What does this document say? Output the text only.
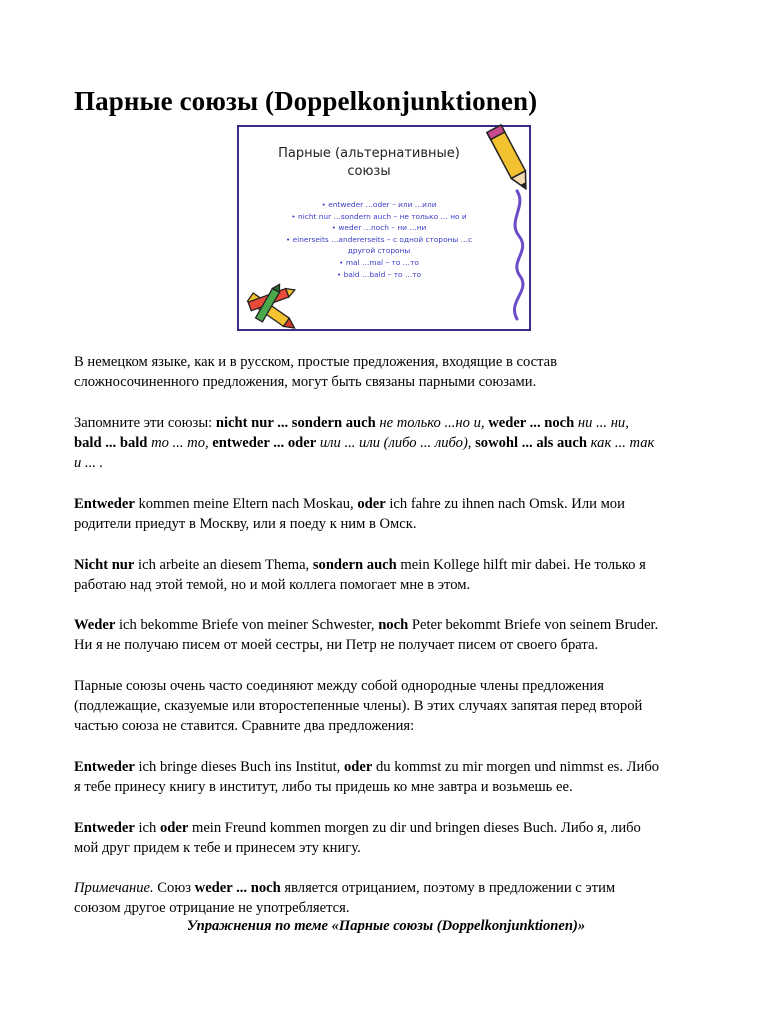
Парные союзы (Doppelkonjunktionen)
Парные (альтернативные)
союзы
• entweder …oder – или …или
• nicht nur …sondern auch – не только … но и
• weder …noch – ни …ни
• einerseits …andererseits – с одной стороны …с
другой стороны
• mal …mal – то …то
• bald …bald – то …то

В немецком языке, как и в русском, простые предложения, входящие в состав

сложносочиненного предложения, могут быть связаны парными союзами.

Запомните эти союзы: nicht nur ... sondern auch не только ...но и, weder ... noch ни ... ни,

bald ... bald то ... то, entweder ... oder или ... или (либо ... либо), sowohl ... als auch как ... так

и ... .

Entweder kommen meine Eltern nach Moskau, oder ich fahre zu ihnen nach Omsk. Или мои

родители приедут в Москву, или я поеду к ним в Омск.

Nicht nur ich arbeite an diesem Thema, sondern auch mein Kollege hilft mir dabei. Не только я

работаю над этой темой, но и мой коллега помогает мне в этом.

Weder ich bekomme Briefe von meiner Schwester, noch Peter bekommt Briefe von seinem Bruder.

Ни я не получаю писем от моей сестры, ни Петр не получает писем от своего брата.

Парные союзы очень часто соединяют между собой однородные члены предложения

(подлежащие, сказуемые или второстепенные члены). В этих случаях запятая перед второй

частью союза не ставится. Сравните два предложения:

Entweder ich bringe dieses Buch ins Institut, oder du kommst zu mir morgen und nimmst es. Либо

я тебе принесу книгу в институт, либо ты придешь ко мне завтра и возьмешь ее.

Entweder ich oder mein Freund kommen morgen zu dir und bringen dieses Buch. Либо я, либо

мой друг придем к тебе и принесем эту книгу.

Примечание. Союз weder ... noch является отрицанием, поэтому в предложении с этим

союзом другое отрицание не употребляется.

Упражнения по теме «Парные союзы (Doppelkonjunktionen)»
